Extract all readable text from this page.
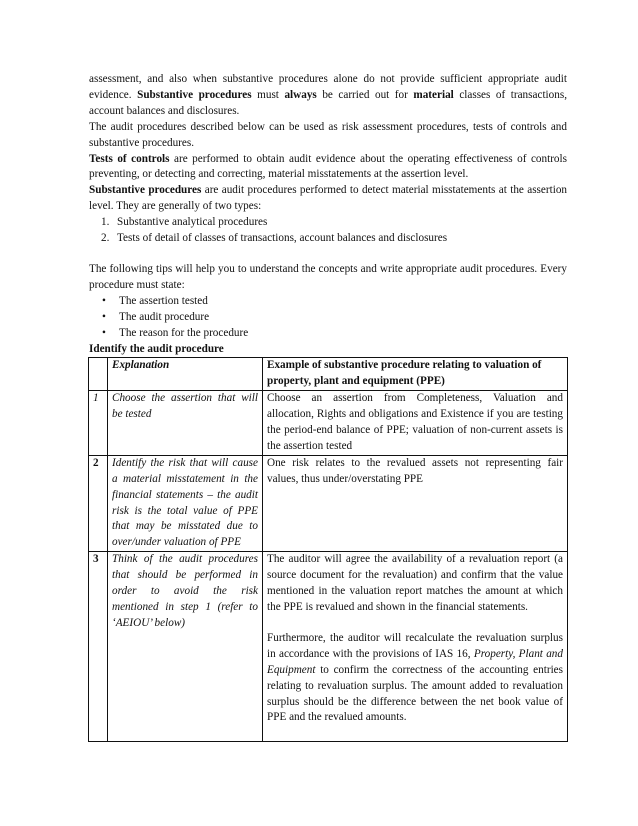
assessment, and also when substantive procedures alone do not provide sufficient appropriate audit evidence. Substantive procedures must always be carried out for material classes of transactions, account balances and disclosures.

The audit procedures described below can be used as risk assessment procedures, tests of controls and substantive procedures.

Tests of controls are performed to obtain audit evidence about the operating effectiveness of controls preventing, or detecting and correcting, material misstatements at the assertion level.

Substantive procedures are audit procedures performed to detect material misstatements at the assertion level. They are generally of two types:

1. Substantive analytical procedures
2. Tests of detail of classes of transactions, account balances and disclosures

The following tips will help you to understand the concepts and write appropriate audit procedures. Every procedure must state:

• The assertion tested
• The audit procedure
• The reason for the procedure
Identify the audit procedure
	Explanation	Example of substantive procedure relating to valuation of property, plant and equipment (PPE)
1	Choose the assertion that will be tested	Choose an assertion from Completeness, Valuation and allocation, Rights and obligations and Existence if you are testing the period-end balance of PPE; valuation of non-current assets is the assertion tested

2	Identify the risk that will cause a material misstatement in the financial statements – the audit risk is the total value of PPE that may be misstated due to over/under valuation of PPE	One risk relates to the revalued assets not representing fair values, thus under/overstating PPE

3	Think of the audit procedures that should be performed in order to avoid the risk mentioned in step 1 (refer to ‘AEIOU’ below)	The auditor will agree the availability of a revaluation report (a source document for the revaluation) and confirm that the value mentioned in the valuation report matches the amount at which the PPE is revalued and shown in the financial statements.
Furthermore, the auditor will recalculate the revaluation surplus in accordance with the provisions of IAS 16, Property, Plant and Equipment to confirm the correctness of the accounting entries relating to revaluation surplus. The amount added to revaluation surplus should be the difference between the net book value of PPE and the revalued amounts.
